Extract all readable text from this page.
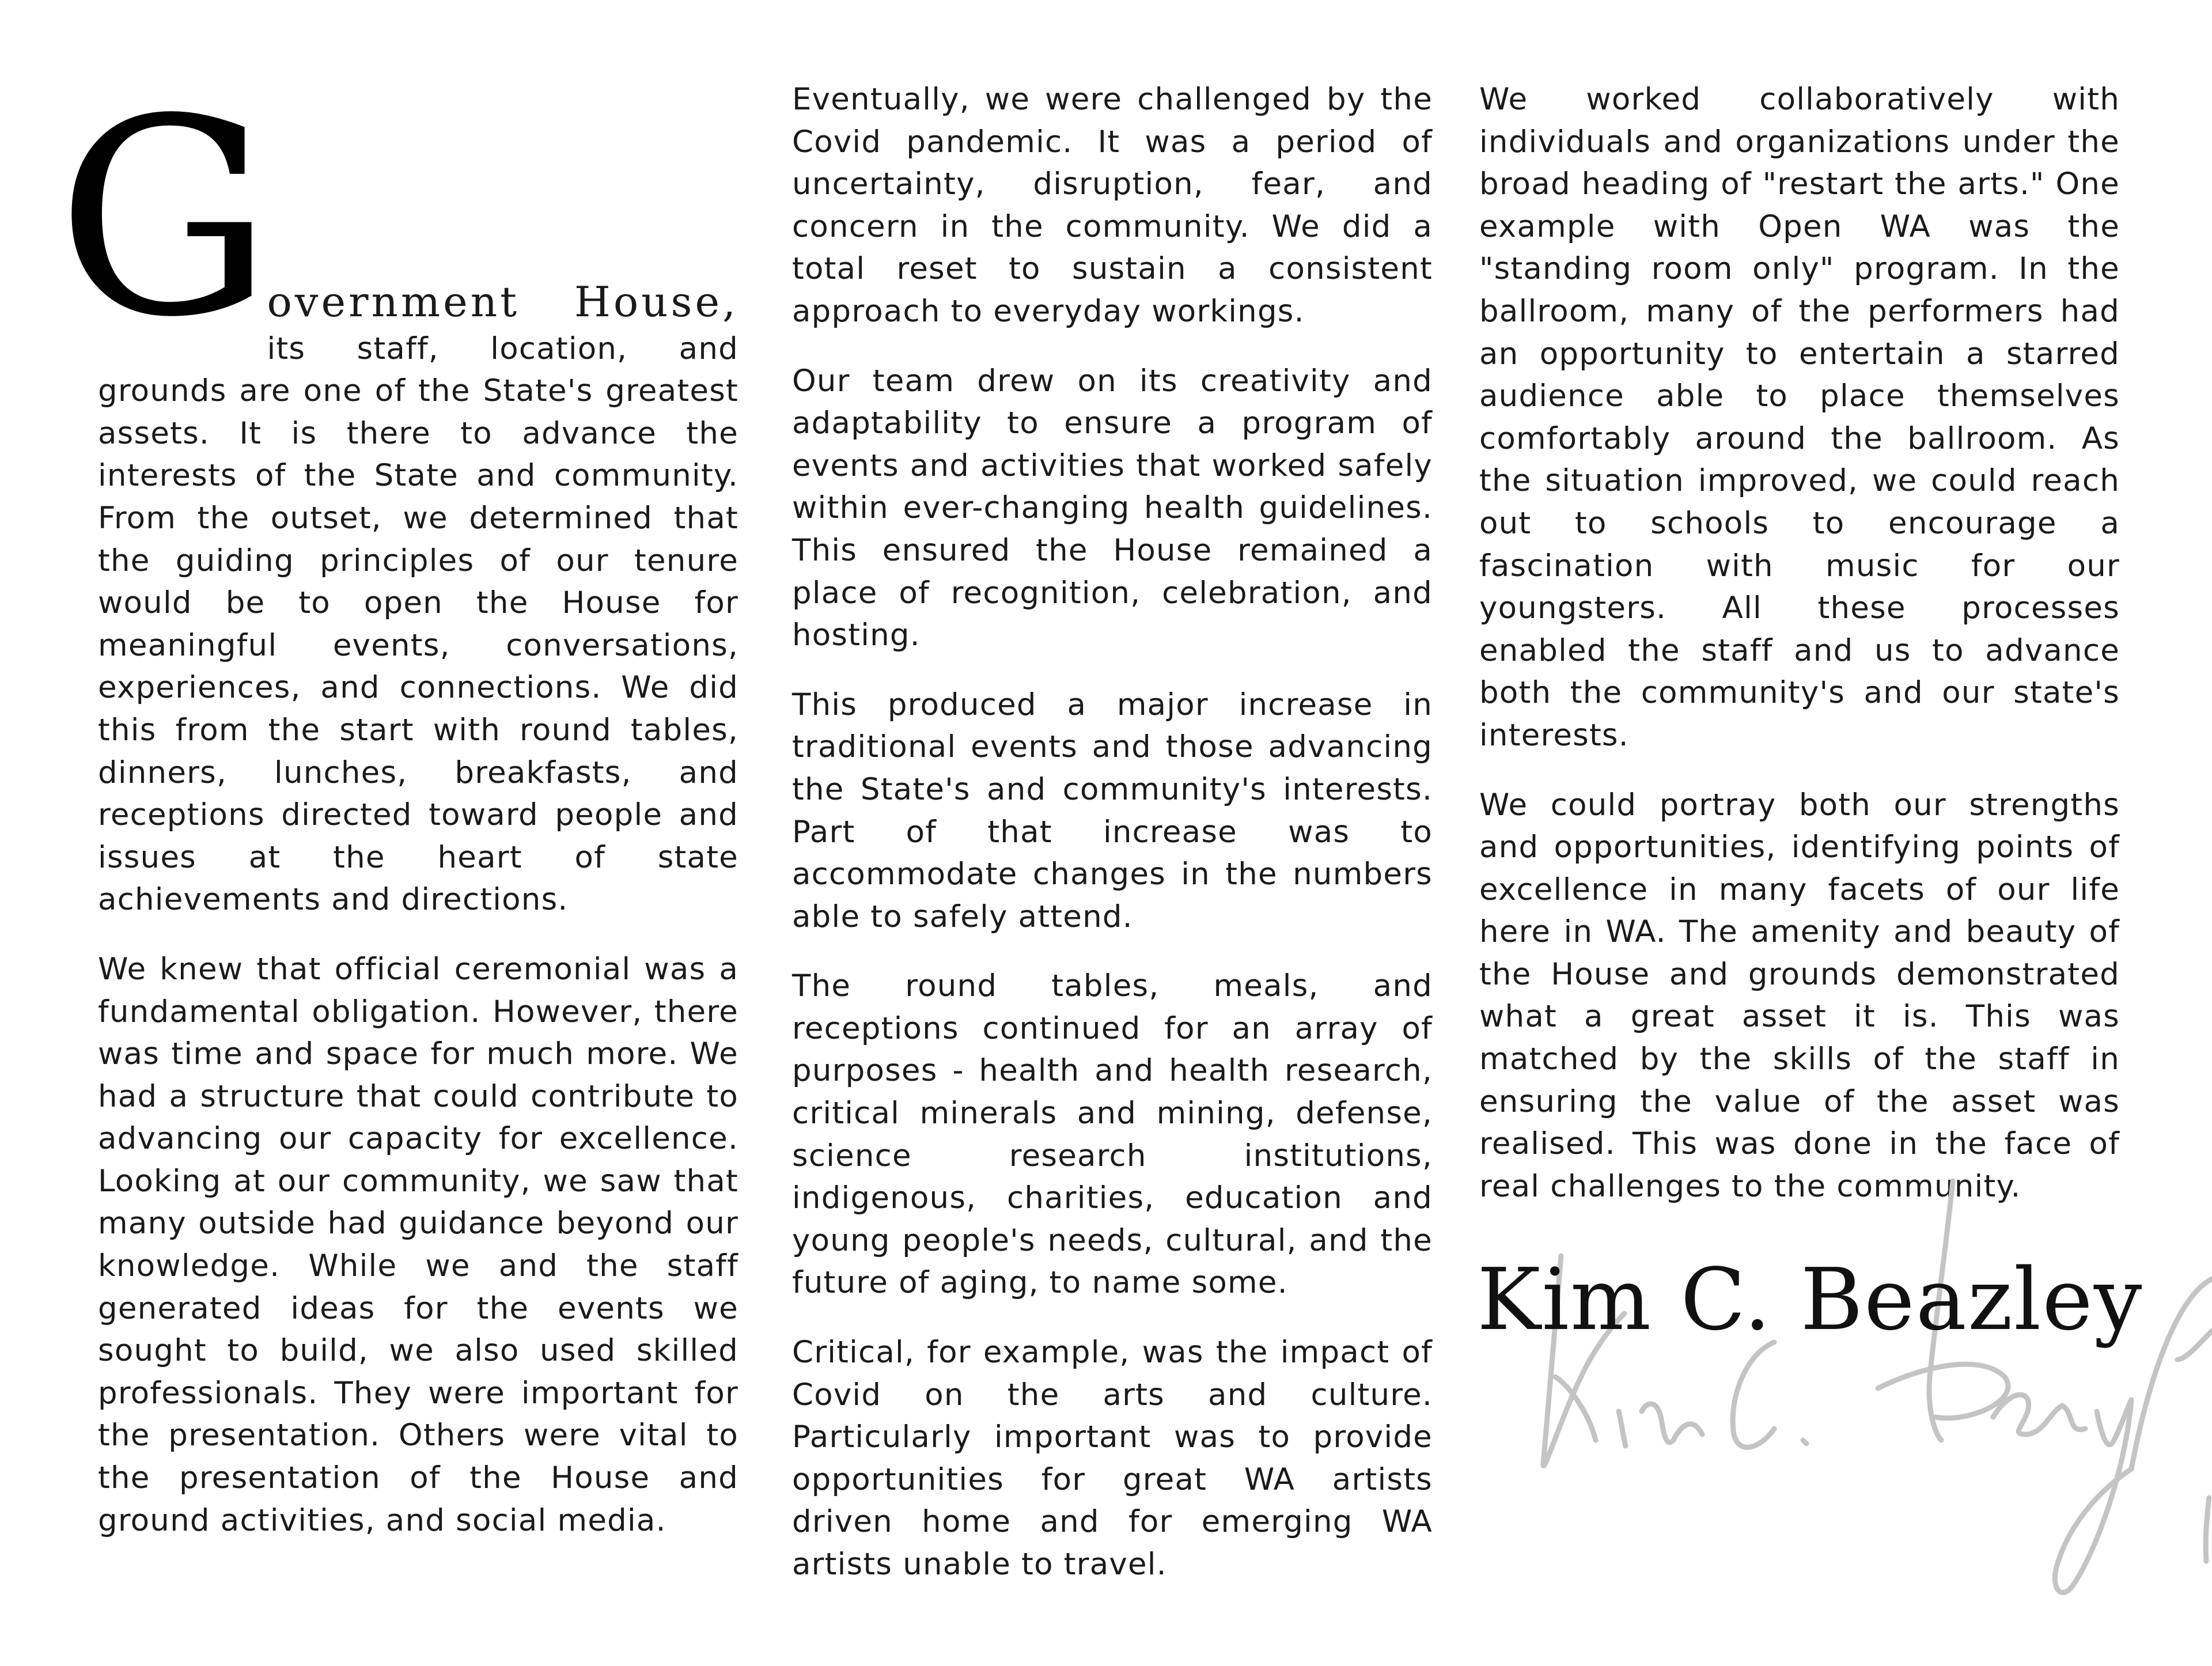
G overnment House, its staff, location, and grounds are one of the State's greatest assets. It is there to advance the interests of the State and community. From the outset, we determined that the guiding principles of our tenure would be to open the House for meaningful events, conversations, experiences, and connections. We did this from the start with round tables, dinners, lunches, breakfasts, and receptions directed toward people and issues at the heart of state achievements and directions.

We knew that official ceremonial was a fundamental obligation. However, there was time and space for much more. We had a structure that could contribute to advancing our capacity for excellence. Looking at our community, we saw that many outside had guidance beyond our knowledge. While we and the staff generated ideas for the events we sought to build, we also used skilled professionals. They were important for the presentation. Others were vital to the presentation of the House and ground activities, and social media.

Eventually, we were challenged by the Covid pandemic. It was a period of uncertainty, disruption, fear, and concern in the community. We did a total reset to sustain a consistent approach to everyday workings.

Our team drew on its creativity and adaptability to ensure a program of events and activities that worked safely within ever-changing health guidelines. This ensured the House remained a place of recognition, celebration, and hosting.

This produced a major increase in traditional events and those advancing the State's and community's interests. Part of that increase was to accommodate changes in the numbers able to safely attend.

The round tables, meals, and receptions continued for an array of purposes - health and health research, critical minerals and mining, defense, science research institutions, indigenous, charities, education and young people's needs, cultural, and the future of aging, to name some.

Critical, for example, was the impact of Covid on the arts and culture. Particularly important was to provide opportunities for great WA artists driven home and for emerging WA artists unable to travel.

We worked collaboratively with individuals and organizations under the broad heading of "restart the arts." One example with Open WA was the "standing room only" program. In the ballroom, many of the performers had an opportunity to entertain a starred audience able to place themselves comfortably around the ballroom. As the situation improved, we could reach out to schools to encourage a fascination with music for our youngsters. All these processes enabled the staff and us to advance both the community's and our state's interests.

We could portray both our strengths and opportunities, identifying points of excellence in many facets of our life here in WA. The amenity and beauty of the House and grounds demonstrated what a great asset it is. This was matched by the skills of the staff in ensuring the value of the asset was realised. This was done in the face of real challenges to the community.

Kim C. Beazley
